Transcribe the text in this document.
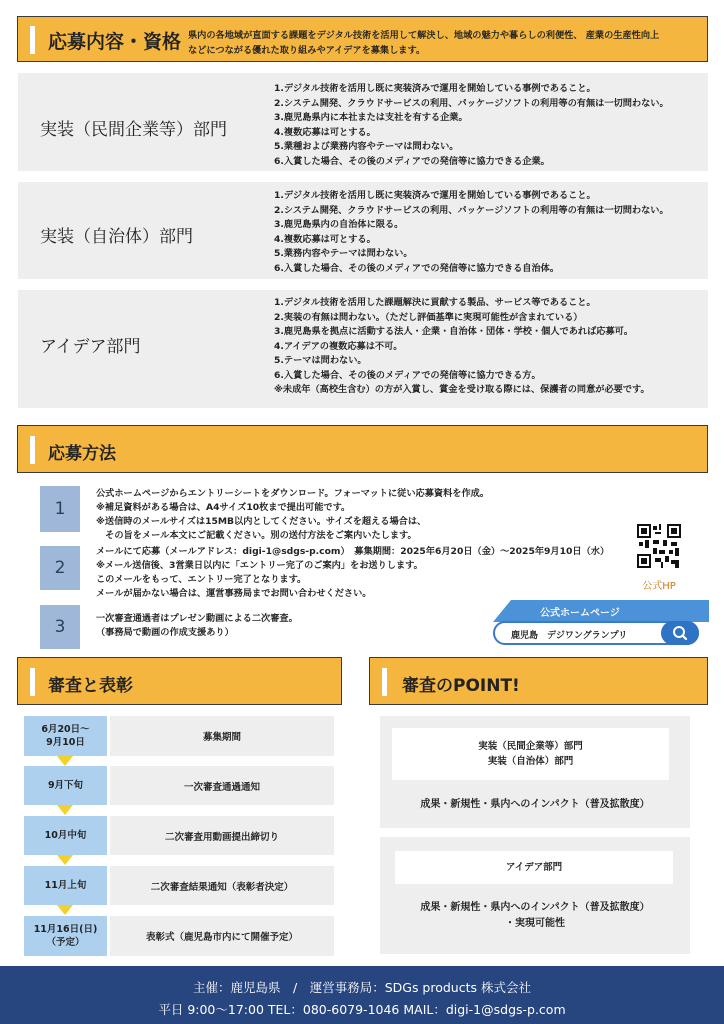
応募内容・資格 県内の各地域が直面する課題をデジタル技術を活用して解決し、地域の魅力や暮らしの利便性、 産業の生産性向上
などにつながる優れた取り組みやアイデアを募集します。
実装（民間企業等）部門
1.デジタル技術を活用し既に実装済みで運用を開始している事例であること。
2.システム開発、クラウドサービスの利用、パッケージソフトの利用等の有無は一切問わない。
3.鹿児島県内に本社または支社を有する企業。
4.複数応募は可とする。
5.業種および業務内容やテーマは問わない。
6.入賞した場合、その後のメディアでの発信等に協力できる企業。
実装（自治体）部門
1.デジタル技術を活用し既に実装済みで運用を開始している事例であること。
2.システム開発、クラウドサービスの利用、パッケージソフトの利用等の有無は一切問わない。
3.鹿児島県内の自治体に限る。
4.複数応募は可とする。
5.業務内容やテーマは問わない。
6.入賞した場合、その後のメディアでの発信等に協力できる自治体。
アイデア部門
1.デジタル技術を活用した課題解決に貢献する製品、サービス等であること。
2.実装の有無は問わない。（ただし評価基準に実現可能性が含まれている）
3.鹿児島県を拠点に活動する法人・企業・自治体・団体・学校・個人であれば応募可。
4.アイデアの複数応募は不可。
5.テーマは問わない。
6.入賞した場合、その後のメディアでの発信等に協力できる方。
※未成年（高校生含む）の方が入賞し、賞金を受け取る際には、保護者の同意が必要です。
応募方法
1
公式ホームページからエントリーシートをダウンロード。フォーマットに従い応募資料を作成。
※補足資料がある場合は、A4サイズ10枚まで提出可能です。
※送信時のメールサイズは15MB以内としてください。サイズを超える場合は、
　その旨をメール本文にご記載ください。別の送付方法をご案内いたします。
2
メールにて応募（メールアドレス：digi-1@sdgs-p.com）　募集期間：2025年6月20日（金）～2025年9月10日（水）
※メール送信後、3営業日以内に「エントリー完了のご案内」をお送りします。
このメールをもって、エントリー完了となります。
メールが届かない場合は、運営事務局までお問い合わせください。
3	一次審査通過者はプレゼン動画による二次審査。
（事務局で動画の作成支援あり）
公式HP
公式ホームページ
鹿児島　デジワングランプリ
審査と表彰
6月20日～
9月10日	募集期間
9月下旬	一次審査通過通知
10月中旬	二次審査用動画提出締切り
11月上旬	二次審査結果通知（表彰者決定）
11月16日(日)
（予定）	表彰式（鹿児島市内にて開催予定）
審査のPOINT!
実装（民間企業等）部門
実装（自治体）部門
成果・新規性・県内へのインパクト（普及拡散度）
アイデア部門
成果・新規性・県内へのインパクト（普及拡散度）
・実現可能性
主催：鹿児島県　/　運営事務局：SDGs products 株式会社
平日 9:00～17:00 TEL：080-6079-1046 MAIL：digi-1@sdgs-p.com
